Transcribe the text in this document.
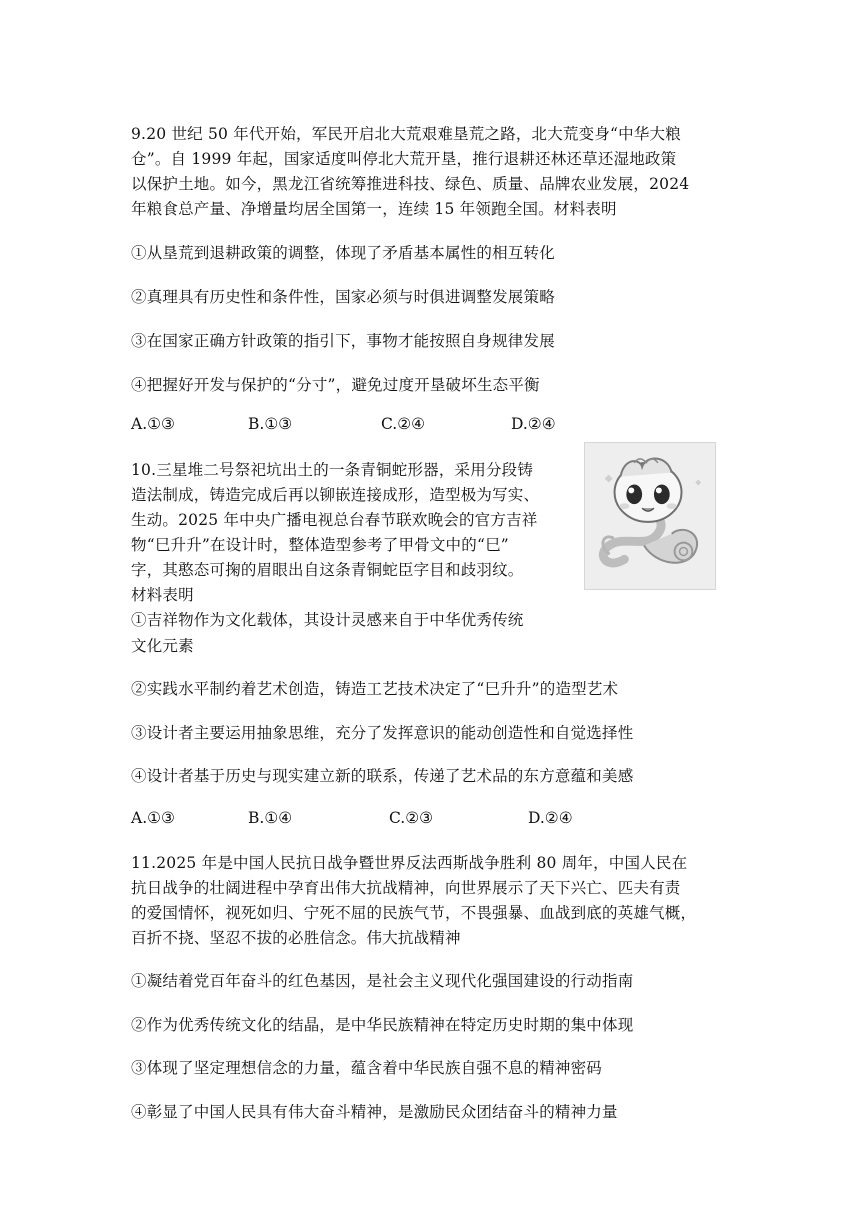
9.20 世纪 50 年代开始，军民开启北大荒艰难垦荒之路，北大荒变身“中华大粮
仓”。自 1999 年起，国家适度叫停北大荒开垦，推行退耕还林还草还湿地政策
以保护土地。如今，黑龙江省统筹推进科技、绿色、质量、品牌农业发展，2024
年粮食总产量、净增量均居全国第一，连续 15 年领跑全国。材料表明
①从垦荒到退耕政策的调整，体现了矛盾基本属性的相互转化
②真理具有历史性和条件性，国家必须与时俱进调整发展策略
③在国家正确方针政策的指引下，事物才能按照自身规律发展
④把握好开发与保护的“分寸”，避免过度开垦破坏生态平衡
A.①③	B.①③	C.②④	D.②④
10.三星堆二号祭祀坑出土的一条青铜蛇形器，采用分段铸
造法制成，铸造完成后再以铆嵌连接成形，造型极为写实、
生动。2025 年中央广播电视总台春节联欢晚会的官方吉祥
物“巳升升”在设计时，整体造型参考了甲骨文中的“巳”
字，其憨态可掬的眉眼出自这条青铜蛇臣字目和歧羽纹。
材料表明
①吉祥物作为文化载体，其设计灵感来自于中华优秀传统
文化元素
②实践水平制约着艺术创造，铸造工艺技术决定了“巳升升”的造型艺术
③设计者主要运用抽象思维，充分了发挥意识的能动创造性和自觉选择性
④设计者基于历史与现实建立新的联系，传递了艺术品的东方意蕴和美感
A.①③	B.①④	C.②③	D.②④
11.2025 年是中国人民抗日战争暨世界反法西斯战争胜利 80 周年，中国人民在
抗日战争的壮阔进程中孕育出伟大抗战精神，向世界展示了天下兴亡、匹夫有责
的爱国情怀，视死如归、宁死不屈的民族气节，不畏强暴、血战到底的英雄气概，
百折不挠、坚忍不拔的必胜信念。伟大抗战精神
①凝结着党百年奋斗的红色基因，是社会主义现代化强国建设的行动指南
②作为优秀传统文化的结晶，是中华民族精神在特定历史时期的集中体现
③体现了坚定理想信念的力量，蕴含着中华民族自强不息的精神密码
④彰显了中国人民具有伟大奋斗精神，是激励民众团结奋斗的精神力量
